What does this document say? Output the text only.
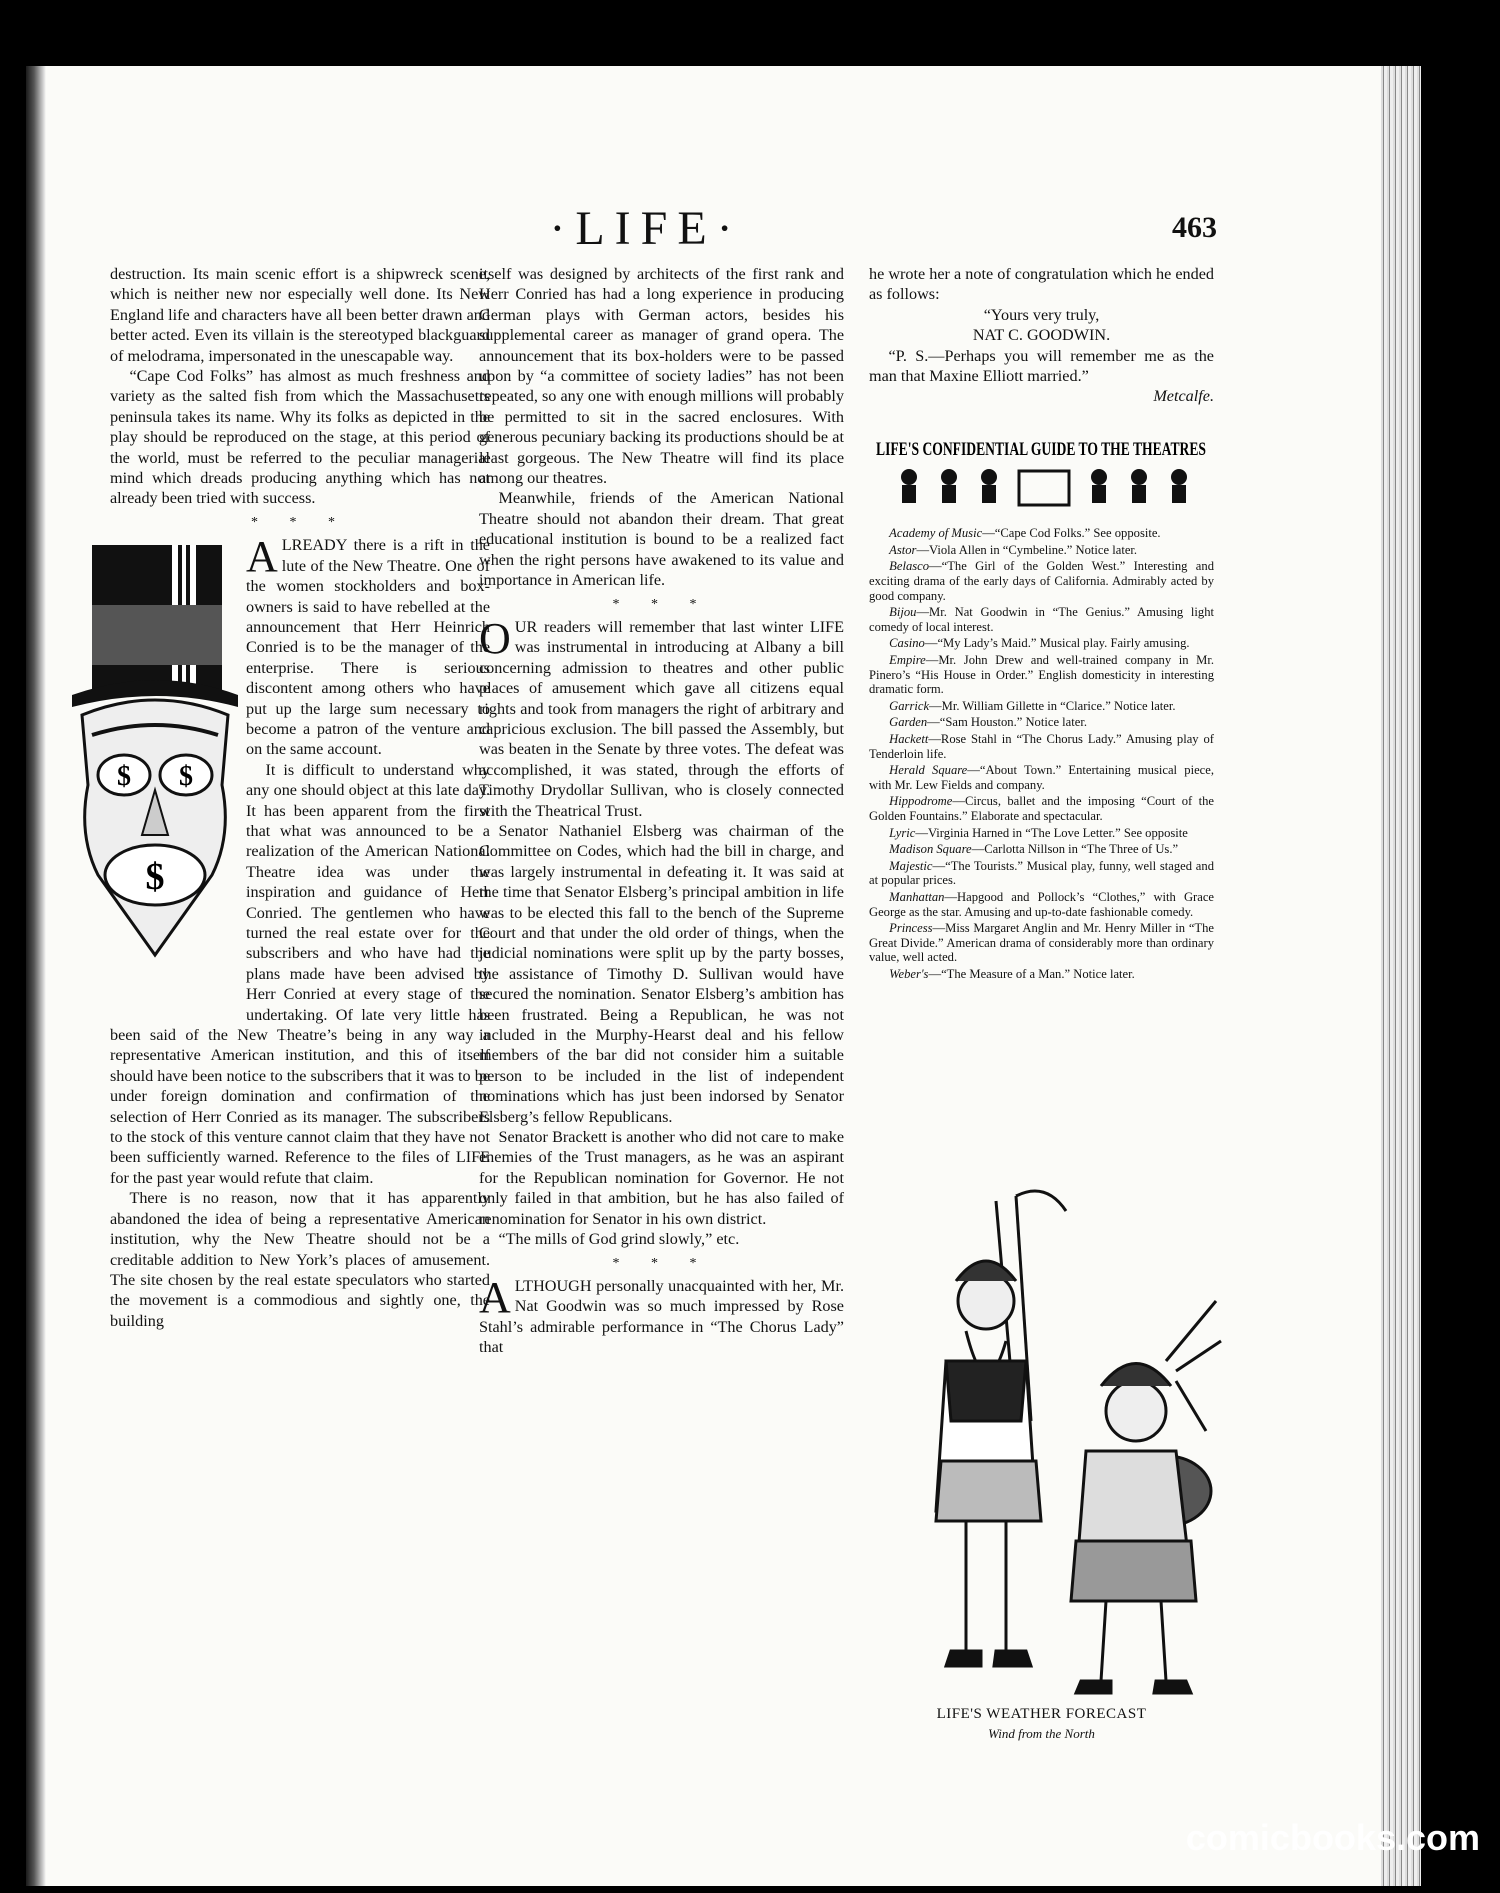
·LIFE·	463

destruction. Its main scenic effort is a shipwreck scene, which is neither new nor especially well done. Its New England life and characters have all been better drawn and better acted. Even its villain is the stereotyped blackguard of melodrama, impersonated in the unescapable way.

“Cape Cod Folks” has almost as much freshness and variety as the salted fish from which the Massachusetts peninsula takes its name. Why its folks as depicted in the play should be reproduced on the stage, at this period of the world, must be referred to the peculiar managerial mind which dreads producing anything which has not already been tried with success.

* * *
$ $
$

ALREADY there is a rift in the lute of the New Theatre. One of the women stockholders and box-owners is said to have rebelled at the announcement that Herr Heinrich Conried is to be the manager of the enterprise. There is serious discontent among others who have put up the large sum necessary to become a patron of the venture and on the same account.

It is difficult to understand why any one should object at this late day. It has been apparent from the first that what was announced to be a realization of the American National Theatre idea was under the inspiration and guidance of Herr Conried. The gentlemen who have turned the real estate over for the subscribers and who have had the plans made have been advised by Herr Conried at every stage of the undertaking. Of late very little has been said of the New Theatre’s being in any way a representative American institution, and this of itself should have been notice to the subscribers that it was to be under foreign domination and confirmation of the selection of Herr Conried as its manager. The subscribers to the stock of this venture cannot claim that they have not been sufficiently warned. Reference to the files of LIFE for the past year would refute that claim.

There is no reason, now that it has apparently abandoned the idea of being a representative American institution, why the New Theatre should not be a creditable addition to New York’s places of amusement. The site chosen by the real estate speculators who started the movement is a commodious and sightly one, the building

itself was designed by architects of the first rank and Herr Conried has had a long experience in producing German plays with German actors, besides his supplemental career as manager of grand opera. The announcement that its box-holders were to be passed upon by “a committee of society ladies” has not been repeated, so any one with enough millions will probably be permitted to sit in the sacred enclosures. With generous pecuniary backing its productions should be at least gorgeous. The New Theatre will find its place among our theatres.

Meanwhile, friends of the American National Theatre should not abandon their dream. That great educational institution is bound to be a realized fact when the right persons have awakened to its value and importance in American life.

* * *

OUR readers will remember that last winter LIFE was instrumental in introducing at Albany a bill concerning admission to theatres and other public places of amusement which gave all citizens equal rights and took from managers the right of arbitrary and capricious exclusion. The bill passed the Assembly, but was beaten in the Senate by three votes. The defeat was accomplished, it was stated, through the efforts of Timothy Drydollar Sullivan, who is closely connected with the Theatrical Trust.

Senator Nathaniel Elsberg was chairman of the Committee on Codes, which had the bill in charge, and was largely instrumental in defeating it. It was said at the time that Senator Elsberg’s principal ambition in life was to be elected this fall to the bench of the Supreme Court and that under the old order of things, when the judicial nominations were split up by the party bosses, the assistance of Timothy D. Sullivan would have secured the nomination. Senator Elsberg’s ambition has been frustrated. Being a Republican, he was not included in the Murphy-Hearst deal and his fellow members of the bar did not consider him a suitable person to be included in the list of independent nominations which has just been indorsed by Senator Elsberg’s fellow Republicans.

Senator Brackett is another who did not care to make enemies of the Trust managers, as he was an aspirant for the Republican nomination for Governor. He not only failed in that ambition, but he has also failed of renomination for Senator in his own district.

“The mills of God grind slowly,” etc.

* * *

ALTHOUGH personally unacquainted with her, Mr. Nat Goodwin was so much impressed by Rose Stahl’s admirable performance in “The Chorus Lady” that

he wrote her a note of congratulation which he ended as follows:

“Yours very truly,

NAT C. GOODWIN.

“P. S.—Perhaps you will remember me as the man that Maxine Elliott married.”

Metcalfe.

LIFE'S CONFIDENTIAL GUIDE TO THE THEATRES

Academy of Music—“Cape Cod Folks.” See opposite.

Astor—Viola Allen in “Cymbeline.” Notice later.

Belasco—“The Girl of the Golden West.” Interesting and exciting drama of the early days of California. Admirably acted by good company.

Bijou—Mr. Nat Goodwin in “The Genius.” Amusing light comedy of local interest.

Casino—“My Lady’s Maid.” Musical play. Fairly amusing.

Empire—Mr. John Drew and well-trained company in Mr. Pinero’s “His House in Order.” English domesticity in interesting dramatic form.

Garrick—Mr. William Gillette in “Clarice.” Notice later.

Garden—“Sam Houston.” Notice later.

Hackett—Rose Stahl in “The Chorus Lady.” Amusing play of Tenderloin life.

Herald Square—“About Town.” Entertaining musical piece, with Mr. Lew Fields and company.

Hippodrome—Circus, ballet and the imposing “Court of the Golden Fountains.” Elaborate and spectacular.

Lyric—Virginia Harned in “The Love Letter.” See opposite

Madison Square—Carlotta Nillson in “The Three of Us.”

Majestic—“The Tourists.” Musical play, funny, well staged and at popular prices.

Manhattan—Hapgood and Pollock’s “Clothes,” with Grace George as the star. Amusing and up-to-date fashionable comedy.

Princess—Miss Margaret Anglin and Mr. Henry Miller in “The Great Divide.” American drama of considerably more than ordinary value, well acted.

Weber's—“The Measure of a Man.” Notice later.

LIFE'S WEATHER FORECAST
Wind from the North
comicbooks.com
